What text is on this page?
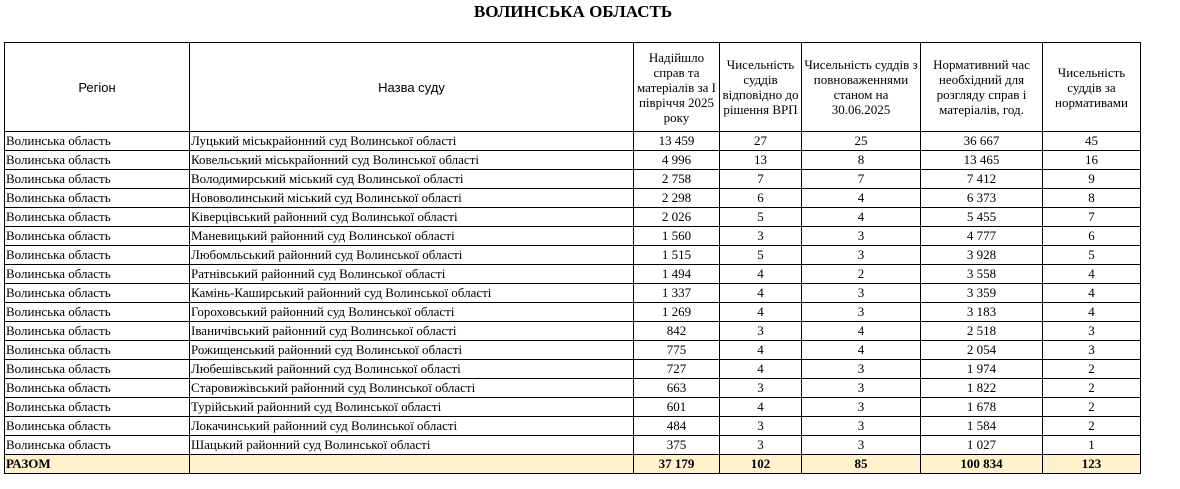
ВОЛИНСЬКА ОБЛАСТЬ
Регіон	Назва суду	Надійшло справ та матеріалів за І півріччя 2025 року	Чисельність суддів відповідно до рішення ВРП	Чисельність суддів з повноваженнями станом на 30.06.2025	Нормативний час необхідний для розгляду справ і матеріалів, год.	Чисельність суддів за нормативами
Волинська область	Луцький міськрайонний суд Волинської області	13 459	27	25	36 667	45
Волинська область	Ковельський міськрайонний суд Волинської області	4 996	13	8	13 465	16
Волинська область	Володимирський міський суд Волинської області	2 758	7	7	7 412	9
Волинська область	Нововолинський міський суд Волинської області	2 298	6	4	6 373	8
Волинська область	Ківерцівський районний суд Волинської області	2 026	5	4	5 455	7
Волинська область	Маневицький районний суд Волинської області	1 560	3	3	4 777	6
Волинська область	Любомльський районний суд Волинської області	1 515	5	3	3 928	5
Волинська область	Ратнівський районний суд Волинської області	1 494	4	2	3 558	4
Волинська область	Камінь-Каширський районний суд Волинської області	1 337	4	3	3 359	4
Волинська область	Гороховський районний суд Волинської області	1 269	4	3	3 183	4
Волинська область	Іваничівський районний суд Волинської області	842	3	4	2 518	3
Волинська область	Рожищенський районний суд Волинської області	775	4	4	2 054	3
Волинська область	Любешівський районний суд Волинської області	727	4	3	1 974	2
Волинська область	Старовижівський районний суд Волинської області	663	3	3	1 822	2
Волинська область	Турійський районний суд Волинської області	601	4	3	1 678	2
Волинська область	Локачинський районний суд Волинської області	484	3	3	1 584	2
Волинська область	Шацький районний суд Волинської області	375	3	3	1 027	1
РАЗОМ		37 179	102	85	100 834	123
